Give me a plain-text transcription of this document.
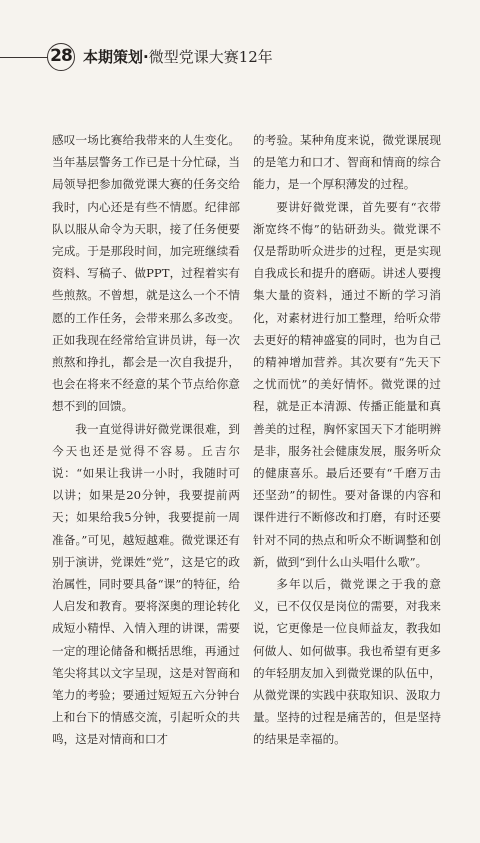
28 本期策划·微型党课大赛12年

感叹一场比赛给我带来的人生变化。当年基层警务工作已是十分忙碌，当局领导把参加微党课大赛的任务交给我时，内心还是有些不情愿。纪律部队以服从命令为天职，接了任务便要完成。于是那段时间，加完班继续看资料、写稿子、做PPT，过程着实有些煎熬。不曾想，就是这么一个不情愿的工作任务，会带来那么多改变。正如我现在经常给宣讲员讲，每一次煎熬和挣扎，都会是一次自我提升，也会在将来不经意的某个节点给你意想不到的回馈。

我一直觉得讲好微党课很难，到今天也还是觉得不容易。丘吉尔说：“如果让我讲一小时，我随时可以讲；如果是20分钟，我要提前两天；如果给我5分钟，我要提前一周准备。”可见，越短越难。微党课还有别于演讲，党课姓“党”，这是它的政治属性，同时要具备“课”的特征，给人启发和教育。要将深奥的理论转化成短小精悍、入情入理的讲课，需要一定的理论储备和概括思维，再通过笔尖将其以文字呈现，这是对智商和笔力的考验；要通过短短五六分钟台上和台下的情感交流，引起听众的共鸣，这是对情商和口才

的考验。某种角度来说，微党课展现的是笔力和口才、智商和情商的综合能力，是一个厚积薄发的过程。

要讲好微党课，首先要有“衣带渐宽终不悔”的钻研劲头。微党课不仅是帮助听众进步的过程，更是实现自我成长和提升的磨砺。讲述人要搜集大量的资料，通过不断的学习消化，对素材进行加工整理，给听众带去更好的精神盛宴的同时，也为自己的精神增加营养。其次要有“先天下之忧而忧”的美好情怀。微党课的过程，就是正本清源、传播正能量和真善美的过程，胸怀家国天下才能明辨是非，服务社会健康发展，服务听众的健康喜乐。最后还要有“千磨万击还坚劲”的韧性。要对备课的内容和课件进行不断修改和打磨，有时还要针对不同的热点和听众不断调整和创新，做到“到什么山头唱什么歌”。

多年以后，微党课之于我的意义，已不仅仅是岗位的需要，对我来说，它更像是一位良师益友，教我如何做人、如何做事。我也希望有更多的年轻朋友加入到微党课的队伍中，从微党课的实践中获取知识、汲取力量。坚持的过程是痛苦的，但是坚持的结果是幸福的。
